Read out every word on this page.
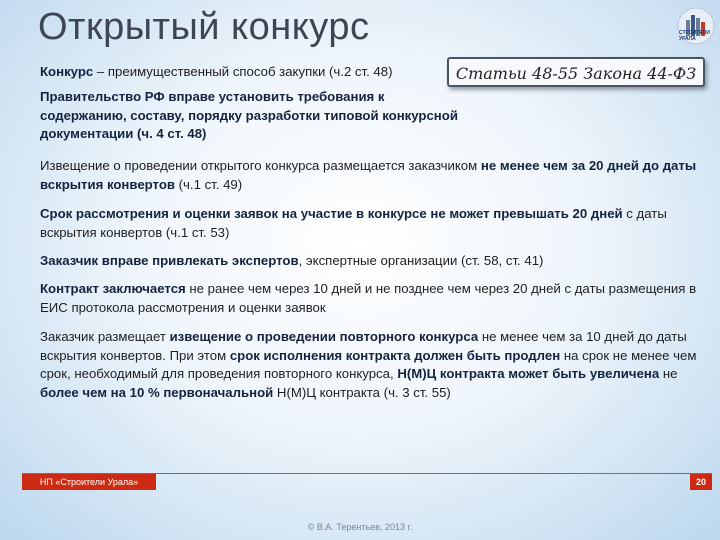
Открытый конкурс	СТРОИТЕЛИ УРАЛА
Статьи 48-55 Закона 44-ФЗ
Конкурс – преимущественный способ закупки (ч.2 ст. 48)
Правительство РФ вправе установить требования к содержанию, составу, порядку разработки типовой конкурсной документации (ч. 4 ст. 48)
Извещение о проведении открытого конкурса размещается заказчиком не менее чем за 20 дней до даты вскрытия конвертов (ч.1 ст. 49)
Срок рассмотрения и оценки заявок на участие в конкурсе не может превышать 20 дней с даты вскрытия конвертов (ч.1 ст. 53)
Заказчик вправе привлекать экспертов, экспертные организации (ст. 58, ст. 41)
Контракт заключается не ранее чем через 10 дней и не позднее чем через 20 дней с даты размещения в ЕИС протокола рассмотрения и оценки заявок
Заказчик размещает извещение о проведении повторного конкурса не менее чем за 10 дней до даты вскрытия конвертов. При этом срок исполнения контракта должен быть продлен на срок не менее чем срок, необходимый для проведения повторного конкурса, Н(М)Ц контракта может быть увеличена не более чем на 10 % первоначальной Н(М)Ц контракта (ч. 3 ст. 55)
НП «Строители Урала»	20
© В.А. Терентьев, 2013 г.
